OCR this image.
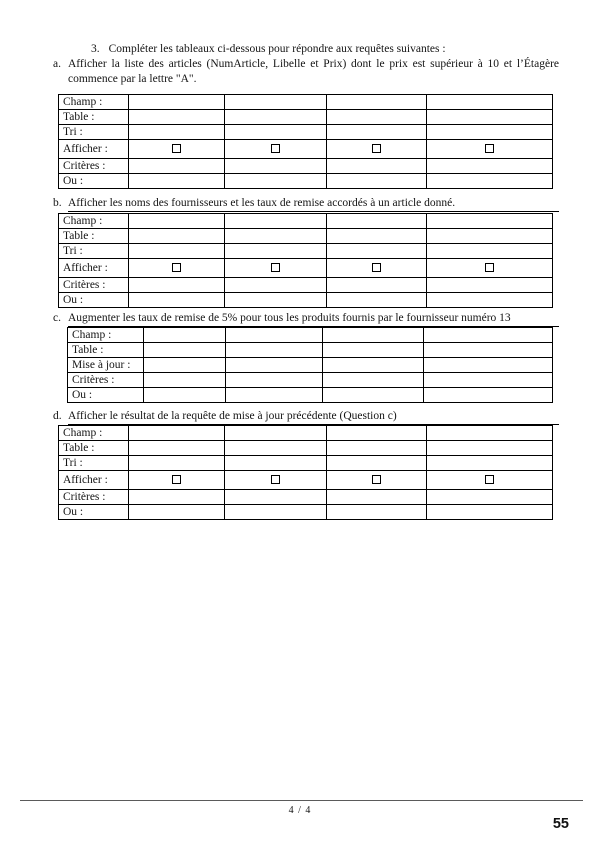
3. Compléter les tableaux ci-dessous pour répondre aux requêtes suivantes :
a. Afficher la liste des articles (NumArticle, Libelle et Prix) dont le prix est supérieur à 10 et l’Étagère commence par la lettre "A".
Champ :				
Table :				
Tri :				
Afficher :				
Critères :				
Ou :				
b. Afficher les noms des fournisseurs et les taux de remise accordés à un article donné.
Champ :				
Table :				
Tri :				
Afficher :				
Critères :				
Ou :				
c. Augmenter les taux de remise de 5% pour tous les produits fournis par le fournisseur numéro 13
Champ :				
Table :				
Mise à jour :				
Critères :				
Ou :				
d. Afficher le résultat de la requête de mise à jour précédente (Question c)
Champ :				
Table :				
Tri :				
Afficher :				
Critères :				
Ou :				
4 / 4
55
